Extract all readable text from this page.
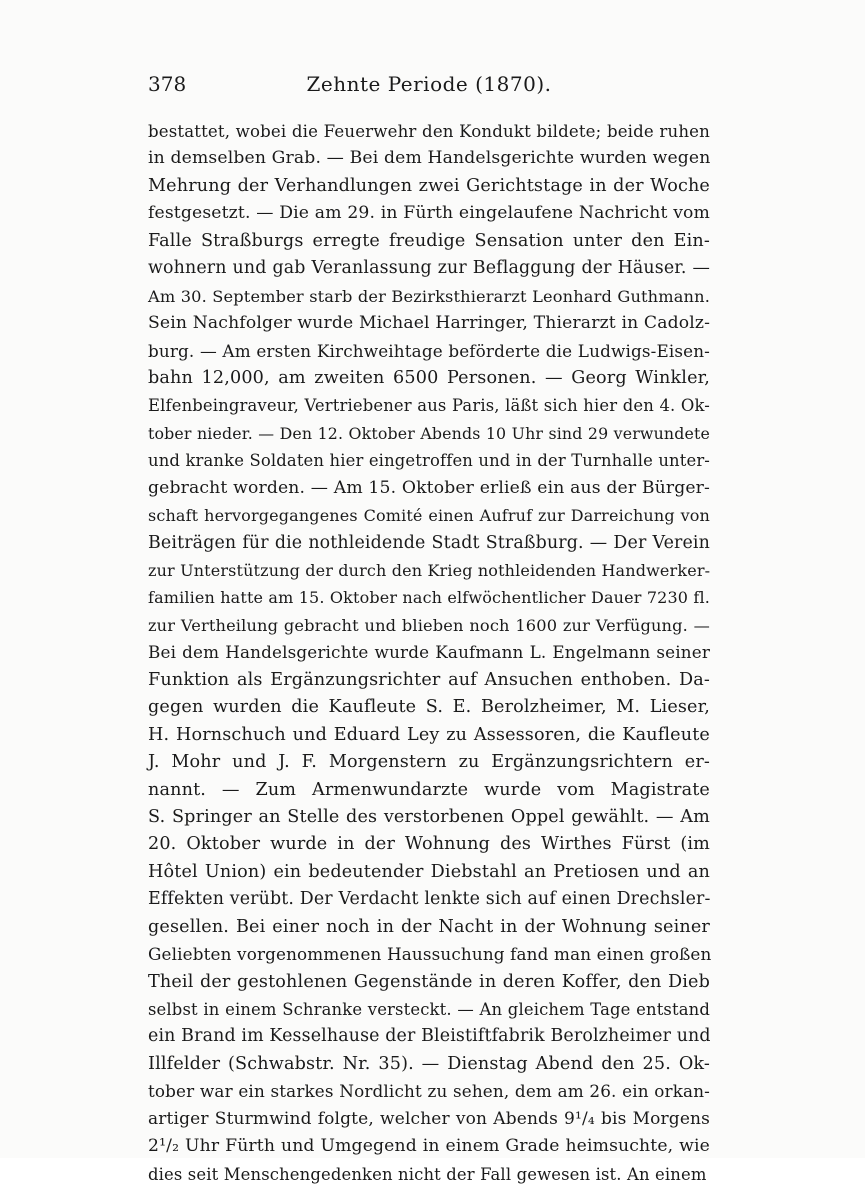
378	Zehnte Periode (1870).
bestattet, wobei die Feuerwehr den Kondukt bildete; beide ruhen
in demselben Grab. — Bei dem Handelsgerichte wurden wegen
Mehrung der Verhandlungen zwei Gerichtstage in der Woche
festgesetzt. — Die am 29. in Fürth eingelaufene Nachricht vom
Falle Straßburgs erregte freudige Sensation unter den Ein-
wohnern und gab Veranlassung zur Beflaggung der Häuser. —
Am 30. September starb der Bezirksthierarzt Leonhard Guthmann.
Sein Nachfolger wurde Michael Harringer, Thierarzt in Cadolz-
burg. — Am ersten Kirchweihtage beförderte die Ludwigs-Eisen-
bahn 12,000, am zweiten 6500 Personen. — Georg Winkler,
Elfenbeingraveur, Vertriebener aus Paris, läßt sich hier den 4. Ok-
tober nieder. — Den 12. Oktober Abends 10 Uhr sind 29 verwundete
und kranke Soldaten hier eingetroffen und in der Turnhalle unter-
gebracht worden. — Am 15. Oktober erließ ein aus der Bürger-
schaft hervorgegangenes Comité einen Aufruf zur Darreichung von
Beiträgen für die nothleidende Stadt Straßburg. — Der Verein
zur Unterstützung der durch den Krieg nothleidenden Handwerker-
familien hatte am 15. Oktober nach elfwöchentlicher Dauer 7230 fl.
zur Vertheilung gebracht und blieben noch 1600 zur Verfügung. —
Bei dem Handelsgerichte wurde Kaufmann L. Engelmann seiner
Funktion als Ergänzungsrichter auf Ansuchen enthoben. Da-
gegen wurden die Kaufleute S. E. Berolzheimer, M. Lieser,
H. Hornschuch und Eduard Ley zu Assessoren, die Kaufleute
J. Mohr und J. F. Morgenstern zu Ergänzungsrichtern er-
nannt. — Zum Armenwundarzte wurde vom Magistrate
S. Springer an Stelle des verstorbenen Oppel gewählt. — Am
20. Oktober wurde in der Wohnung des Wirthes Fürst (im
Hôtel Union) ein bedeutender Diebstahl an Pretiosen und an
Effekten verübt. Der Verdacht lenkte sich auf einen Drechsler-
gesellen. Bei einer noch in der Nacht in der Wohnung seiner
Geliebten vorgenommenen Haussuchung fand man einen großen
Theil der gestohlenen Gegenstände in deren Koffer, den Dieb
selbst in einem Schranke versteckt. — An gleichem Tage entstand
ein Brand im Kesselhause der Bleistiftfabrik Berolzheimer und
Illfelder (Schwabstr. Nr. 35). — Dienstag Abend den 25. Ok-
tober war ein starkes Nordlicht zu sehen, dem am 26. ein orkan-
artiger Sturmwind folgte, welcher von Abends 9¹/₄ bis Morgens
2¹/₂ Uhr Fürth und Umgegend in einem Grade heimsuchte, wie
dies seit Menschengedenken nicht der Fall gewesen ist. An einem
